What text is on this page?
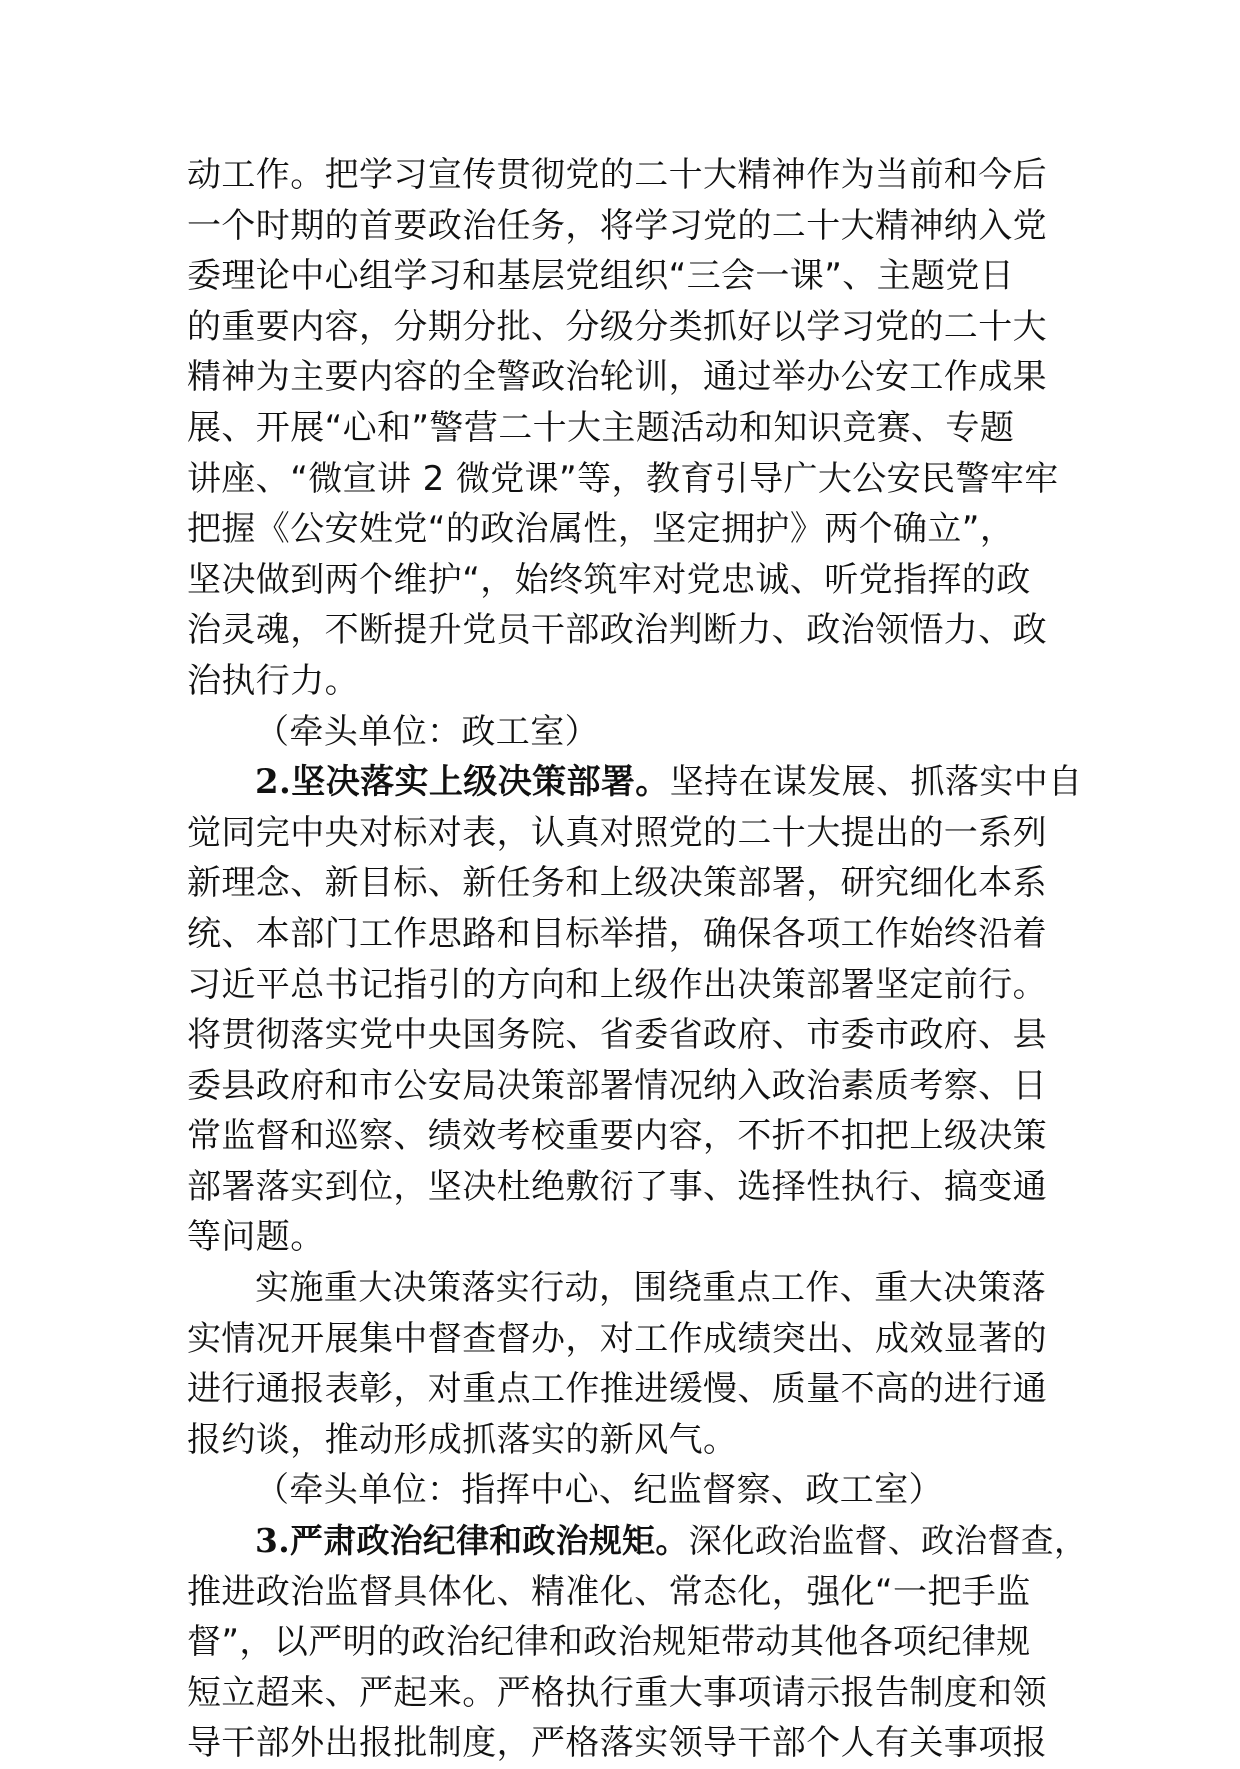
动工作。把学习宣传贯彻党的二十大精神作为当前和今后
一个时期的首要政治任务，将学习党的二十大精神纳入党
委理论中心组学习和基层党组织“三会一课”、主题党日
的重要内容，分期分批、分级分类抓好以学习党的二十大
精神为主要内容的全警政治轮训，通过举办公安工作成果
展、开展“心和”警营二十大主题活动和知识竞赛、专题
讲座、“微宣讲 2 微党课”等，教育引导广大公安民警牢牢
把握《公安姓党“的政治属性，坚定拥护》两个确立”，
坚决做到两个维护“，始终筑牢对党忠诚、听党指挥的政
治灵魂，不断提升党员干部政治判断力、政治领悟力、政
治执行力。
（牵头单位：政工室）
2.坚决落实上级决策部署。坚持在谋发展、抓落实中自
觉同完中央对标对表，认真对照党的二十大提出的一系列
新理念、新目标、新任务和上级决策部署，研究细化本系
统、本部门工作思路和目标举措，确保各项工作始终沿着
习近平总书记指引的方向和上级作出决策部署坚定前行。
将贯彻落实党中央国务院、省委省政府、市委市政府、县
委县政府和市公安局决策部署情况纳入政治素质考察、日
常监督和巡察、绩效考校重要内容，不折不扣把上级决策
部署落实到位，坚决杜绝敷衍了事、选择性执行、搞变通
等问题。
实施重大决策落实行动，围绕重点工作、重大决策落
实情况开展集中督查督办，对工作成绩突出、成效显著的
进行通报表彰，对重点工作推进缓慢、质量不高的进行通
报约谈，推动形成抓落实的新风气。
（牵头单位：指挥中心、纪监督察、政工室）
3.严肃政治纪律和政治规矩。深化政治监督、政治督查，
推进政治监督具体化、精准化、常态化，强化“一把手监
督”，以严明的政治纪律和政治规矩带动其他各项纪律规
短立超来、严起来。严格执行重大事项请示报告制度和领
导干部外出报批制度，严格落实领导干部个人有关事项报
